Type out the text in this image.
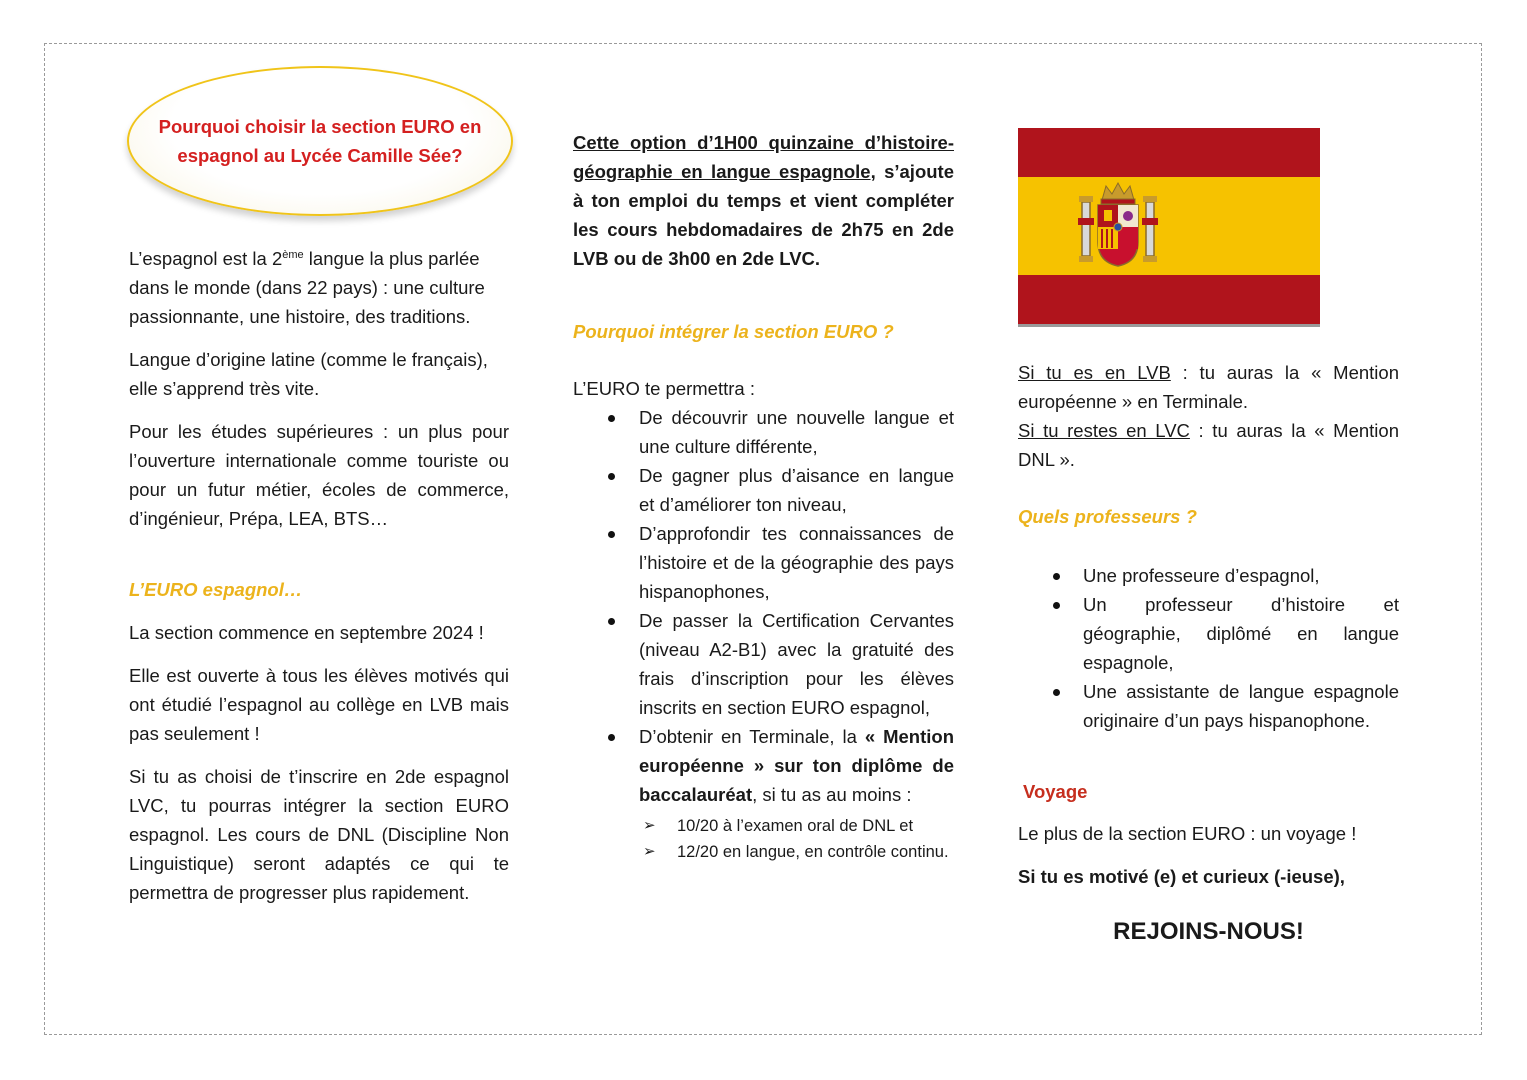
Pourquoi choisir la section EURO en espagnol au Lycée Camille Sée?

L’espagnol est la 2ème langue la plus parlée dans le monde (dans 22 pays) : une culture passionnante, une histoire, des traditions.

Langue d’origine latine (comme le français), elle s’apprend très vite.

Pour les études supérieures : un plus pour l’ouverture internationale comme touriste ou pour un futur métier, écoles de commerce, d’ingénieur, Prépa, LEA, BTS…

L’EURO espagnol…

La section commence en septembre 2024 !

Elle est ouverte à tous les élèves motivés qui ont étudié l’espagnol au collège en LVB mais pas seulement !

Si tu as choisi de t’inscrire en 2de espagnol LVC, tu pourras intégrer la section EURO espagnol. Les cours de DNL (Discipline Non Linguistique) seront adaptés ce qui te permettra de progresser plus rapidement.

Cette option d’1H00 quinzaine d’histoire-géographie en langue espagnole, s’ajoute à ton emploi du temps et vient compléter les cours hebdomadaires de 2h75 en 2de LVB ou de 3h00 en 2de LVC.

Pourquoi intégrer la section EURO ?

L’EURO te permettra :

De découvrir une nouvelle langue et une culture différente,
De gagner plus d’aisance en langue et d’améliorer ton niveau,
D’approfondir tes connaissances de l’histoire et de la géographie des pays hispanophones,
De passer la Certification Cervantes (niveau A2-B1) avec la gratuité des frais d’inscription pour les élèves inscrits en section EURO espagnol,
D’obtenir en Terminale, la « Mention européenne » sur ton diplôme de baccalauréat, si tu as au moins :
➢ 10/20 à l’examen oral de DNL et
➢ 12/20 en langue, en contrôle continu.

Si tu es en LVB : tu auras la « Mention européenne » en Terminale.

Si tu restes en LVC : tu auras la « Mention DNL ».

Quels professeurs ?

Une professeure d’espagnol,
Un professeur d’histoire et géographie, diplômé en langue espagnole,
Une assistante de langue espagnole originaire d’un pays hispanophone.

Voyage

Le plus de la section EURO : un voyage !

Si tu es motivé (e) et curieux (-ieuse),

REJOINS-NOUS!
